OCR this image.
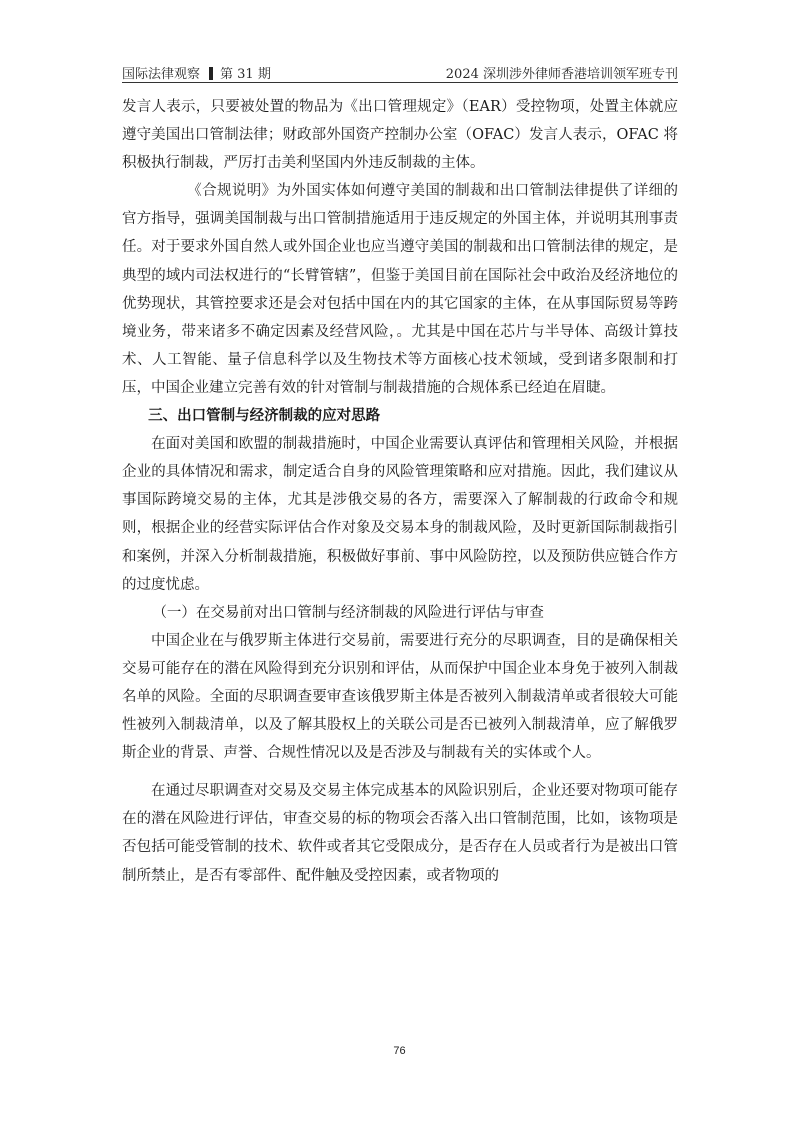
国际法律观察 第 31 期	2024 深圳涉外律师香港培训领军班专刊

发言人表示，只要被处置的物品为《出口管理规定》（EAR）受控物项，处置主体就应遵守美国出口管制法律；财政部外国资产控制办公室（OFAC）发言人表示，OFAC 将积极执行制裁，严厉打击美利坚国内外违反制裁的主体。

《合规说明》为外国实体如何遵守美国的制裁和出口管制法律提供了详细的官方指导，强调美国制裁与出口管制措施适用于违反规定的外国主体，并说明其刑事责任。对于要求外国自然人或外国企业也应当遵守美国的制裁和出口管制法律的规定，是典型的域内司法权进行的“长臂管辖”，但鉴于美国目前在国际社会中政治及经济地位的优势现状，其管控要求还是会对包括中国在内的其它国家的主体，在从事国际贸易等跨境业务，带来诸多不确定因素及经营风险，。尤其是中国在芯片与半导体、高级计算技术、人工智能、量子信息科学以及生物技术等方面核心技术领域，受到诸多限制和打压，中国企业建立完善有效的针对管制与制裁措施的合规体系已经迫在眉睫。

三、出口管制与经济制裁的应对思路

在面对美国和欧盟的制裁措施时，中国企业需要认真评估和管理相关风险，并根据企业的具体情况和需求，制定适合自身的风险管理策略和应对措施。因此，我们建议从事国际跨境交易的主体，尤其是涉俄交易的各方，需要深入了解制裁的行政命令和规则，根据企业的经营实际评估合作对象及交易本身的制裁风险，及时更新国际制裁指引和案例，并深入分析制裁措施，积极做好事前、事中风险防控，以及预防供应链合作方的过度忧虑。

（一）在交易前对出口管制与经济制裁的风险进行评估与审查

中国企业在与俄罗斯主体进行交易前，需要进行充分的尽职调查，目的是确保相关交易可能存在的潜在风险得到充分识别和评估，从而保护中国企业本身免于被列入制裁名单的风险。全面的尽职调查要审查该俄罗斯主体是否被列入制裁清单或者很较大可能性被列入制裁清单，以及了解其股权上的关联公司是否已被列入制裁清单，应了解俄罗斯企业的背景、声誉、合规性情况以及是否涉及与制裁有关的实体或个人。

在通过尽职调查对交易及交易主体完成基本的风险识别后，企业还要对物项可能存在的潜在风险进行评估，审查交易的标的物项会否落入出口管制范围，比如，该物项是否包括可能受管制的技术、软件或者其它受限成分，是否存在人员或者行为是被出口管制所禁止，是否有零部件、配件触及受控因素，或者物项的

76
